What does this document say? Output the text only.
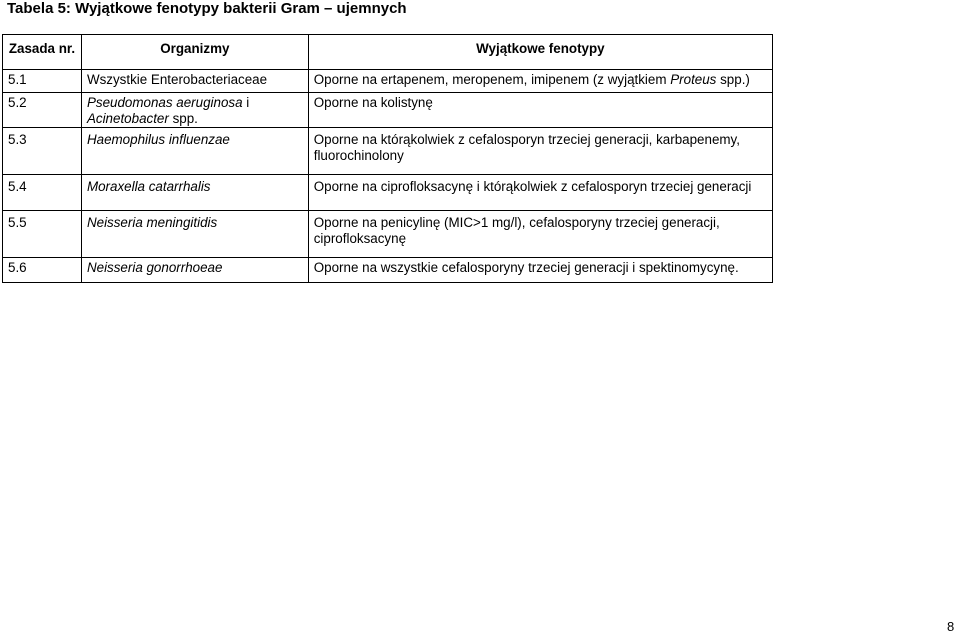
Tabela 5: Wyjątkowe fenotypy bakterii Gram – ujemnych
Zasada nr.	Organizmy	Wyjątkowe fenotypy
5.1	Wszystkie Enterobacteriaceae	Oporne na ertapenem, meropenem, imipenem (z wyjątkiem Proteus spp.)
5.2	Pseudomonas aeruginosa i Acinetobacter spp.	Oporne na kolistynę
5.3	Haemophilus influenzae	Oporne na którąkolwiek z cefalosporyn trzeciej generacji, karbapenemy, fluorochinolony
5.4	Moraxella catarrhalis	Oporne na ciprofloksacynę i którąkolwiek z cefalosporyn trzeciej generacji
5.5	Neisseria meningitidis	Oporne na penicylinę (MIC>1 mg/l), cefalosporyny trzeciej generacji, ciprofloksacynę
5.6	Neisseria gonorrhoeae	Oporne na wszystkie cefalosporyny trzeciej generacji i spektinomycynę.
8
